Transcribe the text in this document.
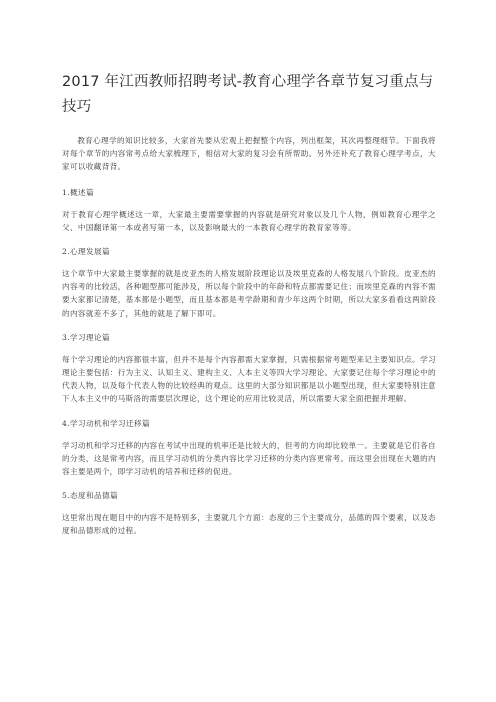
2017 年江西教师招聘考试-教育心理学各章节复习重点与技巧

教育心理学的知识比较多，大家首先要从宏观上把握整个内容，列出框架，其次再整理细节。下面我将对每个章节的内容常考点给大家梳理下，相信对大家的复习会有所帮助。另外还补充了教育心理学考点，大家可以收藏背背。

1.概述篇

对于教育心理学概述这一章，大家最主要需要掌握的内容就是研究对象以及几个人物，例如教育心理学之父、中国翻译第一本或者写第一本，以及影响最大的一本教育心理学的教育家等等。

2.心理发展篇

这个章节中大家最主要掌握的就是皮亚杰的人格发展阶段理论以及埃里克森的人格发展八个阶段。皮亚杰的内容考的比较活，各种题型都可能涉及，所以每个阶段中的年龄和特点都需要记住；而埃里克森的内容不需要大家都记清楚，基本都是小题型，而且基本都是考学龄期和青少年这两个时期，所以大家多看看这两阶段的内容就差不多了，其他的就是了解下即可。

3.学习理论篇

每个学习理论的内容都很丰富，但并不是每个内容都需大家掌握，只需根据常考题型来记主要知识点。学习理论主要包括：行为主义、认知主义、建构主义、人本主义等四大学习理论。大家要记住每个学习理论中的代表人物，以及每个代表人物的比较经典的观点。这里的大部分知识都是以小题型出现，但大家要特别注意下人本主义中的马斯洛的需要层次理论，这个理论的应用比较灵活，所以需要大家全面把握并理解。

4.学习动机和学习迁移篇

学习动机和学习迁移的内容在考试中出现的机率还是比较大的，但考的方向却比较单一。主要就是它们各自的分类，这是常考内容，而且学习动机的分类内容比学习迁移的分类内容更常考。而这里会出现在大题的内容主要是两个，即学习动机的培养和迁移的促进。

5.态度和品德篇

这里常出现在题目中的内容不是特别多，主要就几个方面：态度的三个主要成分，品德的四个要素，以及态度和品德形成的过程。
